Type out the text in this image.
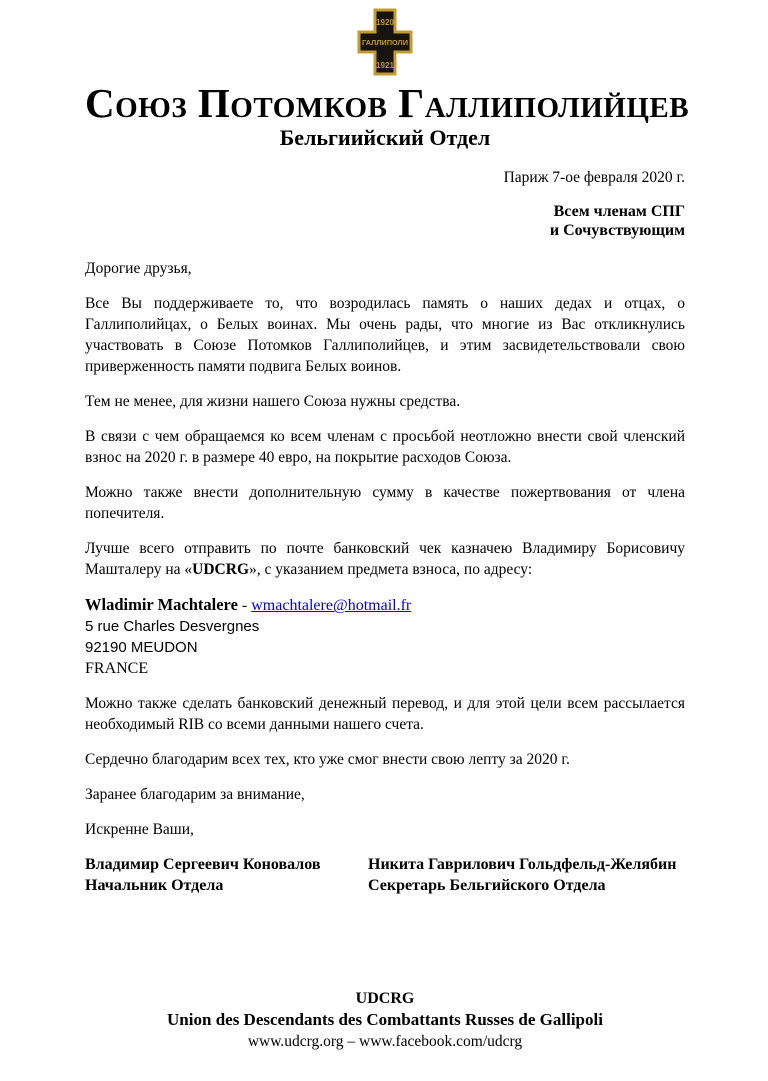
1920
ГАЛЛИПОЛИ
1921
Союз Потомков Галлиполийцев
Бельгиийский Отдел
Париж 7-ое февраля 2020 г.
Всем членам СПГ
и Сочувствующим

Дорогие друзья,

Все Вы поддерживаете то, что возродилась память о наших дедах и отцах, о Галлиполийцах, о Белых воинах. Мы очень рады, что многие из Вас откликнулись участвовать в Союзе Потомков Галлиполийцев, и этим засвидетельствовали свою приверженность памяти подвига Белых воинов.

Тем не менее, для жизни нашего Союза нужны средства.

В связи с чем обращаемся ко всем членам с просьбой неотложно внести свой членский взнос на 2020 г. в размере 40 евро, на покрытие расходов Союза.

Можно также внести дополнительную сумму в качестве пожертвования от члена попечителя.

Лучше всего отправить по почте банковский чек казначею Владимиру Борисовичу Машталеру на «UDCRG», с указанием предмета взноса, по адресу:

Wladimir Machtalere - wmachtalere@hotmail.fr
5 rue Charles Desvergnes
92190 MEUDON
FRANCE

Можно также сделать банковский денежный перевод, и для этой цели всем рассылается необходимый RIB со всеми данными нашего счета.

Сердечно благодарим всех тех, кто уже смог внести свою лепту за 2020 г.

Заранее благодарим за внимание,

Искренне Ваши,

Владимир Сергеевич Коновалов
Начальник Отдела
Никита Гаврилович Гольдфельд-Желябин
Секретарь Бельгийского Отдела
UDCRG
Union des Descendants des Combattants Russes de Gallipoli
www.udcrg.org – www.facebook.com/udcrg
